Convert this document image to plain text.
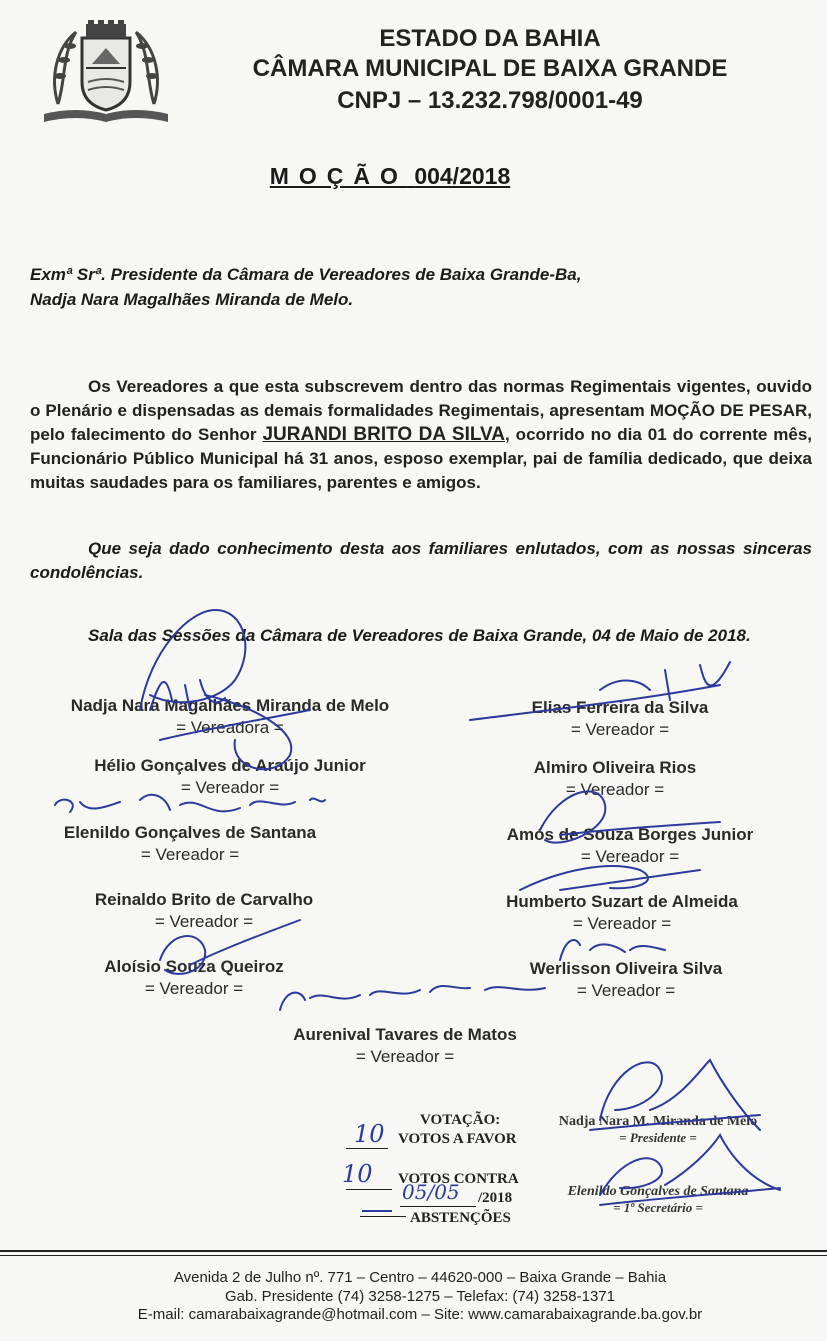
ESTADO DA BAHIA
CÂMARA MUNICIPAL DE BAIXA GRANDE
CNPJ – 13.232.798/0001-49
MOÇÃO 004/2018
Exmª Srª. Presidente da Câmara de Vereadores de Baixa Grande-Ba,
Nadja Nara Magalhães Miranda de Melo.
Os Vereadores a que esta subscrevem dentro das normas Regimentais vigentes, ouvido o Plenário e dispensadas as demais formalidades Regimentais, apresentam MOÇÃO DE PESAR, pelo falecimento do Senhor JURANDI BRITO DA SILVA, ocorrido no dia 01 do corrente mês, Funcionário Público Municipal há 31 anos, esposo exemplar, pai de família dedicado, que deixa muitas saudades para os familiares, parentes e amigos.
Que seja dado conhecimento desta aos familiares enlutados, com as nossas sinceras condolências.
Sala das Sessões da Câmara de Vereadores de Baixa Grande, 04 de Maio de 2018.
Nadja Nara Magalhães Miranda de Melo
= Vereadora =
Hélio Gonçalves de Araújo Junior
= Vereador =
Elenildo Gonçalves de Santana
= Vereador =
Reinaldo Brito de Carvalho
= Vereador =
Aloísio Souza Queiroz
= Vereador =
Elias Ferreira da Silva
= Vereador =
Almiro Oliveira Rios
= Vereador =
Amós de Souza Borges Junior
= Vereador =
Humberto Suzart de Almeida
= Vereador =
Werlisson Oliveira Silva
= Vereador =
Aurenival Tavares de Matos
= Vereador =
VOTAÇÃO:
10 VOTOS A FAVOR
10 VOTOS CONTRA
05/05 /2018
ABSTENÇÕES
Nadja Nara M. Miranda de Melo
= Presidente =
Elenildo Gonçalves de Santana
= 1º Secretário =
Avenida 2 de Julho nº. 771 – Centro – 44620-000 – Baixa Grande – Bahia
Gab. Presidente (74) 3258-1275 – Telefax: (74) 3258-1371
E-mail: camarabaixagrande@hotmail.com – Site: www.camarabaixagrande.ba.gov.br
